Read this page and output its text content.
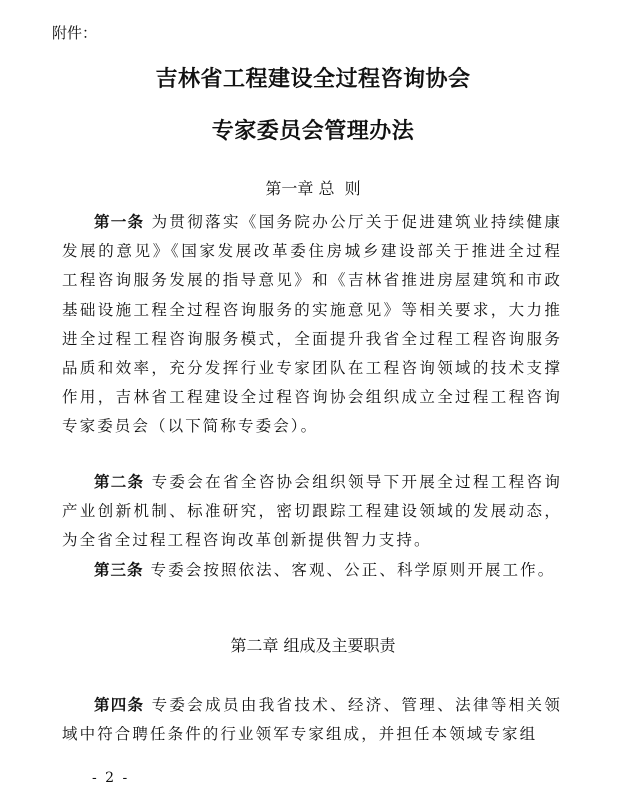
附件：
吉林省工程建设全过程咨询协会
专家委员会管理办法
第一章 总  则
第一条 为贯彻落实《国务院办公厅关于促进建筑业持续健康发展的意见》《国家发展改革委住房城乡建设部关于推进全过程工程咨询服务发展的指导意见》和《吉林省推进房屋建筑和市政基础设施工程全过程咨询服务的实施意见》等相关要求，大力推进全过程工程咨询服务模式，全面提升我省全过程工程咨询服务品质和效率，充分发挥行业专家团队在工程咨询领域的技术支撑作用，吉林省工程建设全过程咨询协会组织成立全过程工程咨询专家委员会（以下简称专委会）。
第二条 专委会在省全咨协会组织领导下开展全过程工程咨询产业创新机制、标准研究，密切跟踪工程建设领域的发展动态，为全省全过程工程咨询改革创新提供智力支持。
第三条 专委会按照依法、客观、公正、科学原则开展工作。
第二章 组成及主要职责
第四条 专委会成员由我省技术、经济、管理、法律等相关领域中符合聘任条件的行业领军专家组成，并担任本领域专家组
- 2 -
